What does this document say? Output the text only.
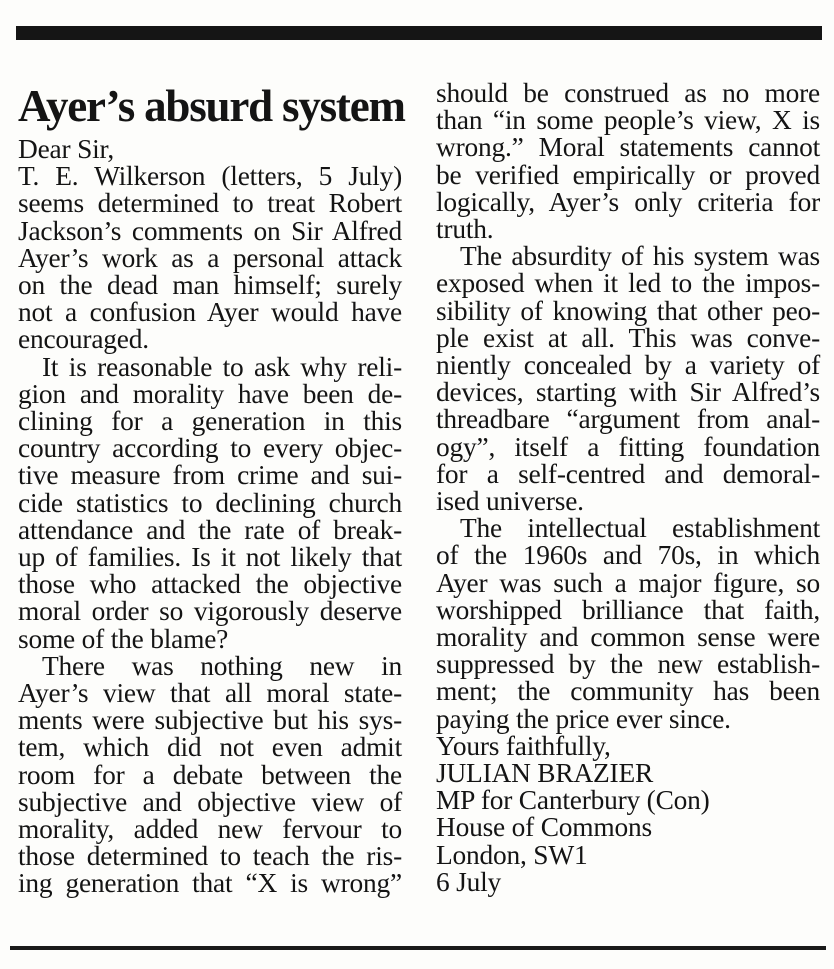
Ayer’s absurd system
Dear Sir,
T. E. Wilkerson (letters, 5 July)
seems determined to treat Robert
Jackson’s comments on Sir Alfred
Ayer’s work as a personal attack
on the dead man himself; surely
not a confusion Ayer would have
encouraged.
It is reasonable to ask why reli-
gion and morality have been de-
clining for a generation in this
country according to every objec-
tive measure from crime and sui-
cide statistics to declining church
attendance and the rate of break-
up of families. Is it not likely that
those who attacked the objective
moral order so vigorously deserve
some of the blame?
There was nothing new in
Ayer’s view that all moral state-
ments were subjective but his sys-
tem, which did not even admit
room for a debate between the
subjective and objective view of
morality, added new fervour to
those determined to teach the ris-
ing generation that “X is wrong”
should be construed as no more
than “in some people’s view, X is
wrong.” Moral statements cannot
be verified empirically or proved
logically, Ayer’s only criteria for
truth.
The absurdity of his system was
exposed when it led to the impos-
sibility of knowing that other peo-
ple exist at all. This was conve-
niently concealed by a variety of
devices, starting with Sir Alfred’s
threadbare “argument from anal-
ogy”, itself a fitting foundation
for a self-centred and demoral-
ised universe.
The intellectual establishment
of the 1960s and 70s, in which
Ayer was such a major figure, so
worshipped brilliance that faith,
morality and common sense were
suppressed by the new establish-
ment; the community has been
paying the price ever since.
Yours faithfully,
JULIAN BRAZIER
MP for Canterbury (Con)
House of Commons
London, SW1
6 July
